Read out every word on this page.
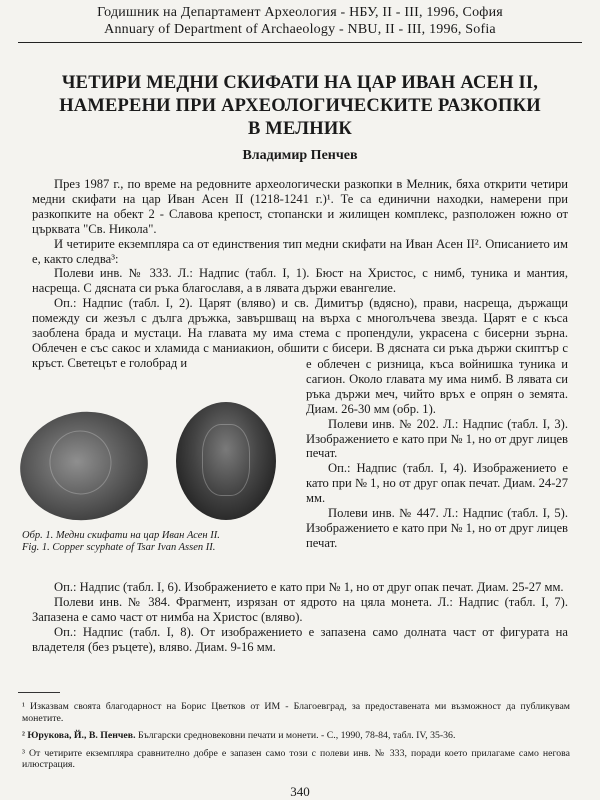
Годишник на Департамент Археология - НБУ, II - III, 1996, София
Annuary of Department of Archaeology - NBU, II - III, 1996, Sofia
ЧЕТИРИ МЕДНИ СКИФАТИ НА ЦАР ИВАН АСЕН II,
НАМЕРЕНИ ПРИ АРХЕОЛОГИЧЕСКИТЕ РАЗКОПКИ
В МЕЛНИК
Владимир Пенчев

През 1987 г., по време на редовните археологически разкопки в Мелник, бяха открити четири медни скифати на цар Иван Асен II (1218-1241 г.)¹. Те са единични находки, намерени при разкопките на обект 2 - Славова крепост, стопански и жилищен комплекс, разположен южно от църквата "Св. Никола".

И четирите екземпляра са от единствения тип медни скифати на Иван Асен II². Описанието им е, както следва³:

Полеви инв. № 333. Л.: Надпис (табл. I, 1). Бюст на Христос, с нимб, туника и мантия, насреща. С дясната си ръка благославя, а в лявата държи евангелие.

Оп.: Надпис (табл. I, 2). Царят (вляво) и св. Димитър (вдясно), прави, насреща, държащи помежду си жезъл с дълга дръжка, завършващ на върха с многолъчева звезда. Царят е с къса заоблена брада и мустаци. На главата му има стема с пропендули, украсена с бисерни зърна. Облечен е със сакос и хламида с маниакион, обшити с бисери. В дясната си ръка държи скиптър с кръст. Светецът е голобрад и

Обр. 1. Медни скифати на цар Иван Асен II.
Fig. 1. Copper scyphate of Tsar Ivan Assen II.

е облечен с ризница, къса войнишка туника и сагион. Около главата му има нимб. В лявата си ръка държи меч, чийто връх е опрян о земята. Диам. 26-30 мм (обр. 1).

Полеви инв. № 202. Л.: Надпис (табл. I, 3). Изображението е като при № 1, но от друг лицев печат.

Оп.: Надпис (табл. I, 4). Изображението е като при № 1, но от друг опак печат. Диам. 24-27 мм.

Полеви инв. № 447. Л.: Надпис (табл. I, 5). Изображението е като при № 1, но от друг лицев печат.

Оп.: Надпис (табл. I, 6). Изображението е като при № 1, но от друг опак печат. Диам. 25-27 мм.

Полеви инв. № 384. Фрагмент, изрязан от ядрото на цяла монета. Л.: Надпис (табл. I, 7). Запазена е само част от нимба на Христос (вляво).

Оп.: Надпис (табл. I, 8). От изображението е запазена само долната част от фигурата на владетеля (без ръцете), вляво. Диам. 9-16 мм.

¹ Изказвам своята благодарност на Борис Цветков от ИМ - Благоевград, за предоставената ми възможност да публикувам монетите.

² Юрукова, Й., В. Пенчев. Български средновековни печати и монети. - С., 1990, 78-84, табл. IV, 35-36.

³ От четирите екземпляра сравнително добре е запазен само този с полеви инв. № 333, поради което прилагаме само негова илюстрация.

340
